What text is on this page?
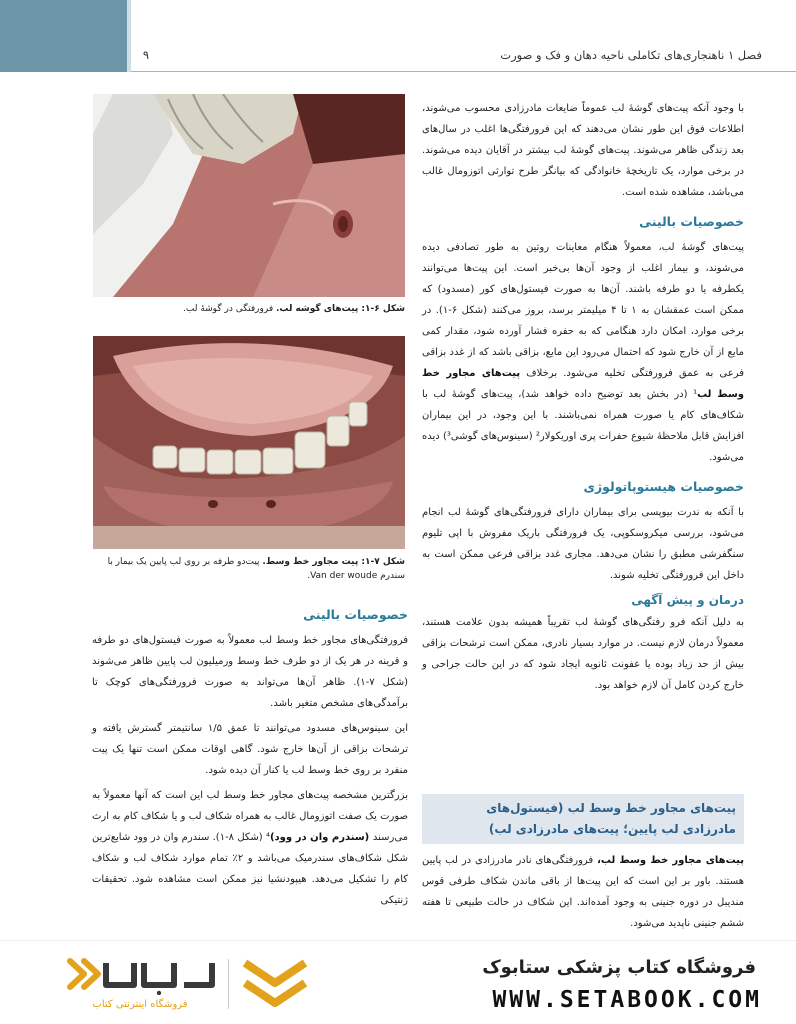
فصل ۱ ناهنجاری‌های تکاملی ناحیه دهان و فک و صورت
۹
شکل ۶-۱: پیت‌های گوشه لب. فرورفتگی در گوشهٔ لب.
شکل ۷-۱: پیت مجاور خط وسط. پیت‌دو طرفه بر روی لب پایین یک بیمار با سندرم Van der woude.

با وجود آنکه پیت‌های گوشهٔ لب عموماً ضایعات مادرزادی محسوب می‌شوند، اطلاعات فوق این طور نشان می‌دهند که این فرورفتگی‌ها اغلب در سال‌های بعد زندگی ظاهر می‌شوند. پیت‌های گوشهٔ لب بیشتر در آقایان دیده می‌شوند. در برخی موارد، یک تاریخچهٔ خانوادگی که بیانگر طرح توارثی اتوزومال غالب می‌باشد، مشاهده شده است.

خصوصیات بالینی

پیت‌های گوشهٔ لب، معمولاً هنگام معاینات روتین به طور تصادفی دیده می‌شوند، و بیمار اغلب از وجود آن‌ها بی‌خبر است. این پیت‌ها می‌توانند یکطرفه یا دو طرفه باشند. آن‌ها به صورت فیستول‌های کور (مسدود) که ممکن است عمقشان به ۱ تا ۴ میلیمتر برسد، بروز می‌کنند (شکل ۶-۱). در برخی موارد، امکان دارد هنگامی که به حفره فشار آورده شود، مقدار کمی مایع از آن خارج شود که احتمال می‌رود این مایع، بزاقی باشد که از غدد بزاقی فرعی به عمق فرورفتگی تخلیه می‌شود. برخلاف پیت‌های مجاور خط وسط لب¹ (در بخش بعد توضیح داده خواهد شد)، پیت‌های گوشهٔ لب با شکاف‌های کام یا صورت همراه نمی‌باشند. با این وجود، در این بیماران افزایش قابل ملاحظهٔ شیوع حفرات پری اوریکولار² (سینوس‌های گوشی³) دیده می‌شود.

خصوصیات هیستوپاتولوژی

با آنکه به ندرت بیوپسی برای بیماران دارای فرورفتگی‌های گوشهٔ لب انجام می‌شود، بررسی میکروسکوپی، یک فرورفتگی باریک مفروش با اپی تلیوم سنگفرشی مطبق را نشان می‌دهد. مجاری غدد بزاقی فرعی ممکن است به داخل این فرورفتگی تخلیه شوند.

درمان و پیش آگهی

به دلیل آنکه فرو رفتگی‌های گوشهٔ لب تقریباً همیشه بدون علامت هستند، معمولاً درمان لازم نیست. در موارد بسیار نادری، ممکن است ترشحات بزاقی بیش از حد زیاد بوده یا عفونت ثانویه ایجاد شود که در این حالت جراحی و خارج کردن کامل آن لازم خواهد بود.

پیت‌های مجاور خط وسط لب (فیستول‌های مادرزادی لب پایین؛ پیت‌های مادرزادی لب)

پیت‌های مجاور خط وسط لب، فرورفتگی‌های نادر مادرزادی در لب پایین هستند. باور بر این است که این پیت‌ها از باقی ماندن شکاف طرفی قوس مندیبل در دوره جنینی به وجود آمده‌اند. این شکاف در حالت طبیعی تا هفته ششم جنینی ناپدید می‌شود.

خصوصیات بالینی

فرورفتگی‌های مجاور خط وسط لب معمولاً به صورت فیستول‌های دو طرفه و قرینه در هر یک از دو طرف خط وسط ورمیلیون لب پایین ظاهر می‌شوند (شکل ۷-۱). ظاهر آن‌ها می‌تواند به صورت فرورفتگی‌های کوچک تا برآمدگی‌های مشخص متغیر باشد.

این سینوس‌های مسدود می‌توانند تا عمق ۱/۵ سانتیمتر گسترش یافته و ترشحات بزاقی از آن‌ها خارج شود. گاهی اوقات ممکن است تنها یک پیت منفرد بر روی خط وسط لب یا کنار آن دیده شود.

بزرگترین مشخصه پیت‌های مجاور خط وسط لب این است که آنها معمولاً به صورت یک صفت اتوزومال غالب به همراه شکاف لب و یا شکاف کام به ارث می‌رسند (سندرم وان در وود)⁴ (شکل ۸-۱). سندرم وان در وود شایع‌ترین شکل شکاف‌های سندرمیک می‌باشد و ۲٪ تمام موارد شکاف لب و شکاف کام را تشکیل می‌دهد. هیپودنشیا نیز ممکن است مشاهده شود. تحقیقات ژنتیکی

فروشگاه اینترنتی کتاب
فروشگاه کتاب پزشکی ستابوک
WWW.SETABOOK.COM
